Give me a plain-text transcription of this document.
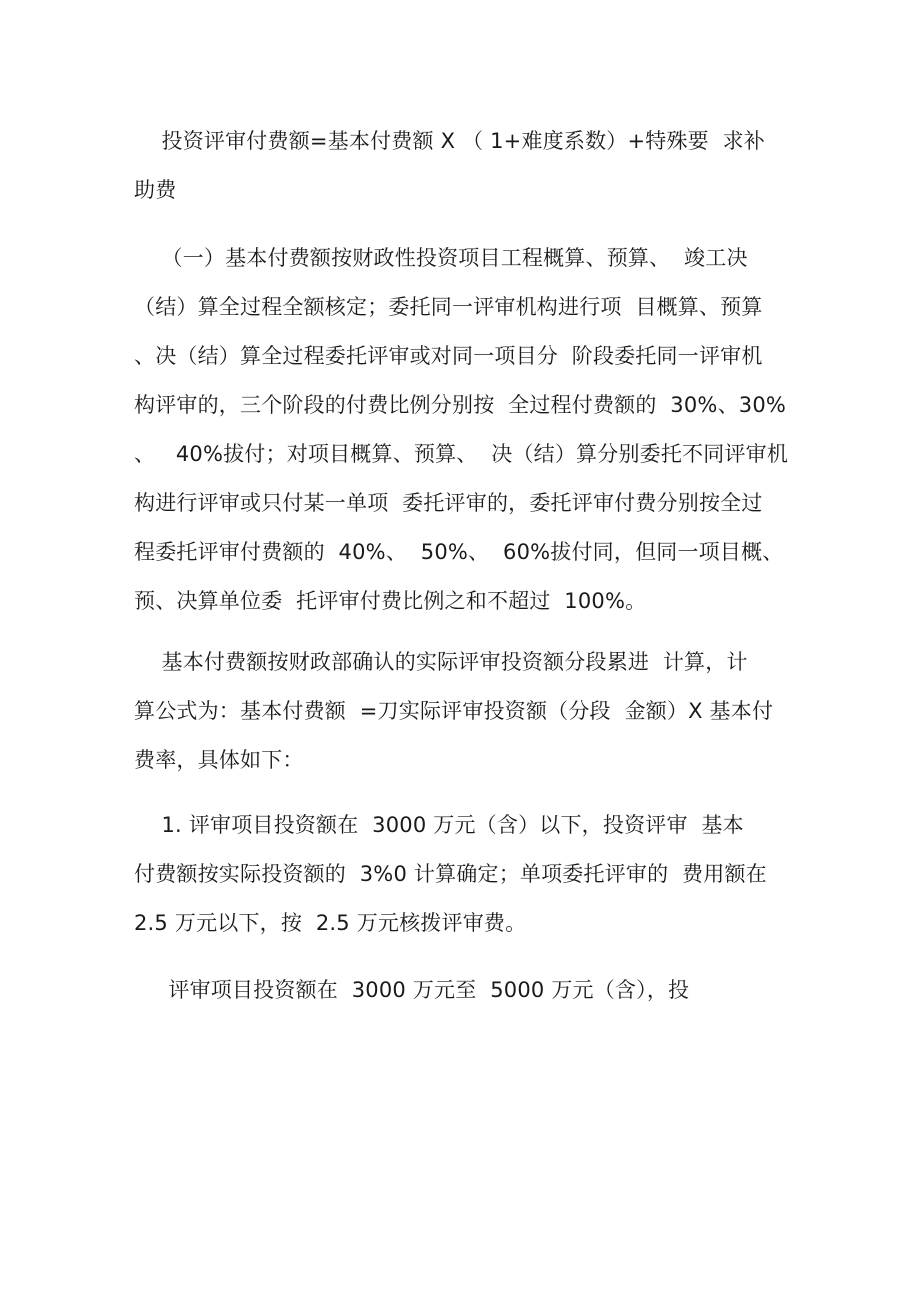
投资评审付费额=基本付费额 X （ 1+难度系数）+特殊要  求补
助费

（一）基本付费额按财政性投资项目工程概算、预算、  竣工决
（结）算全过程全额核定；委托同一评审机构进行项  目概算、预算
、决（结）算全过程委托评审或对同一项目分  阶段委托同一评审机
构评审的，三个阶段的付费比例分别按  全过程付费额的  30%、30%
、   40%拔付；对项目概算、预算、  决（结）算分别委托不同评审机
构进行评审或只付某一单项  委托评审的，委托评审付费分别按全过
程委托评审付费额的  40%、  50%、  60%拔付同，但同一项目概、
预、决算单位委  托评审付费比例之和不超过  100%。

基本付费额按财政部确认的实际评审投资额分段累进  计算，计
算公式为：基本付费额  =刀实际评审投资额（分段  金额）X 基本付
费率，具体如下：

1. 评审项目投资额在  3000 万元（含）以下，投资评审  基本
付费额按实际投资额的  3%0 计算确定；单项委托评审的  费用额在
2.5 万元以下，按  2.5 万元核拨评审费。

评审项目投资额在  3000 万元至  5000 万元（含），投
